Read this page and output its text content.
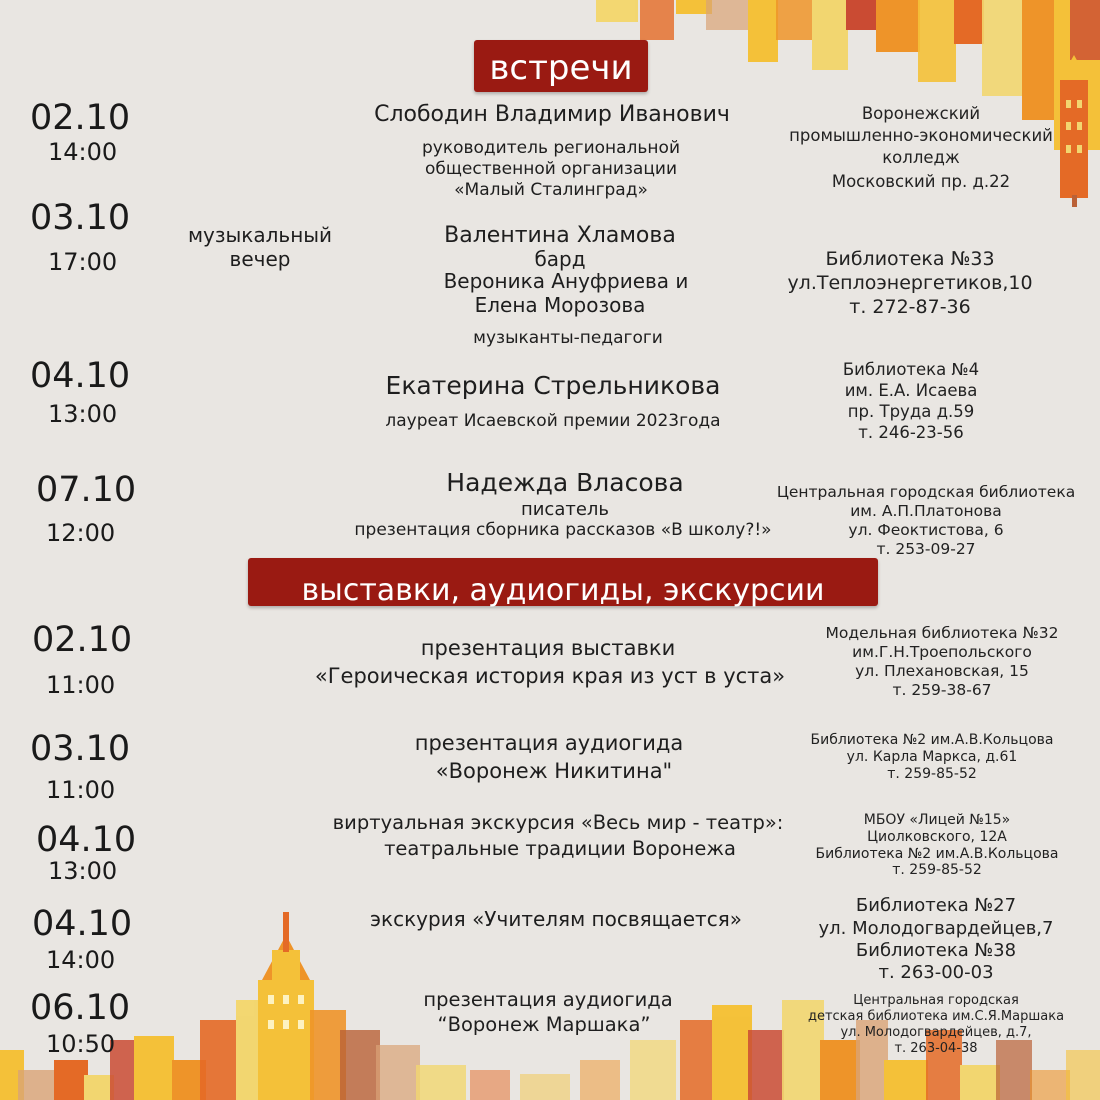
встречи
выставки, аудиогиды, экскурсии
02.10
14:00
Слободин Владимир Иванович
руководитель региональной
общественной организации
«Малый Сталинград»
Воронежский
промышленно-экономический
колледж
Московский пр. д.22
03.10
17:00
музыкальный
вечер
Валентина Хламова
бард
Вероника Ануфриева и
Елена Морозова
музыканты-педагоги
Библиотека №33
ул.Теплоэнергетиков,10
т. 272-87-36
04.10
13:00
Екатерина Стрельникова
лауреат Исаевской премии 2023года
Библиотека №4
им. Е.А. Исаева
пр. Труда д.59
т. 246-23-56
07.10
12:00
Надежда Власова
писатель
презентация сборника рассказов «В школу?!»
Центральная городская библиотека
им. А.П.Платонова
ул. Феоктистова, 6
т. 253-09-27
02.10
11:00
презентация выставки
«Героическая история края из уст в уста»
Модельная библиотека №32
им.Г.Н.Троепольского
ул. Плехановская, 15
т. 259-38-67
03.10
11:00
презентация аудиогида
«Воронеж Никитина"
Библиотека №2 им.А.В.Кольцова
ул. Карла Маркса, д.61
т. 259-85-52
04.10
13:00
виртуальная экскурсия «Весь мир - театр»:
театральные традиции Воронежа
МБОУ «Лицей №15»
Циолковского, 12А
Библиотека №2 им.А.В.Кольцова
т. 259-85-52
04.10
14:00
экскурия «Учителям посвящается»
Библиотека №27
ул. Молодогвардейцев,7
Библиотека №38
т. 263-00-03
06.10
10:50
презентация аудиогида
“Воронеж Маршака”
Центральная городская
детская библиотека им.С.Я.Маршака
ул. Молодогвардейцев, д.7,
т. 263-04-38
